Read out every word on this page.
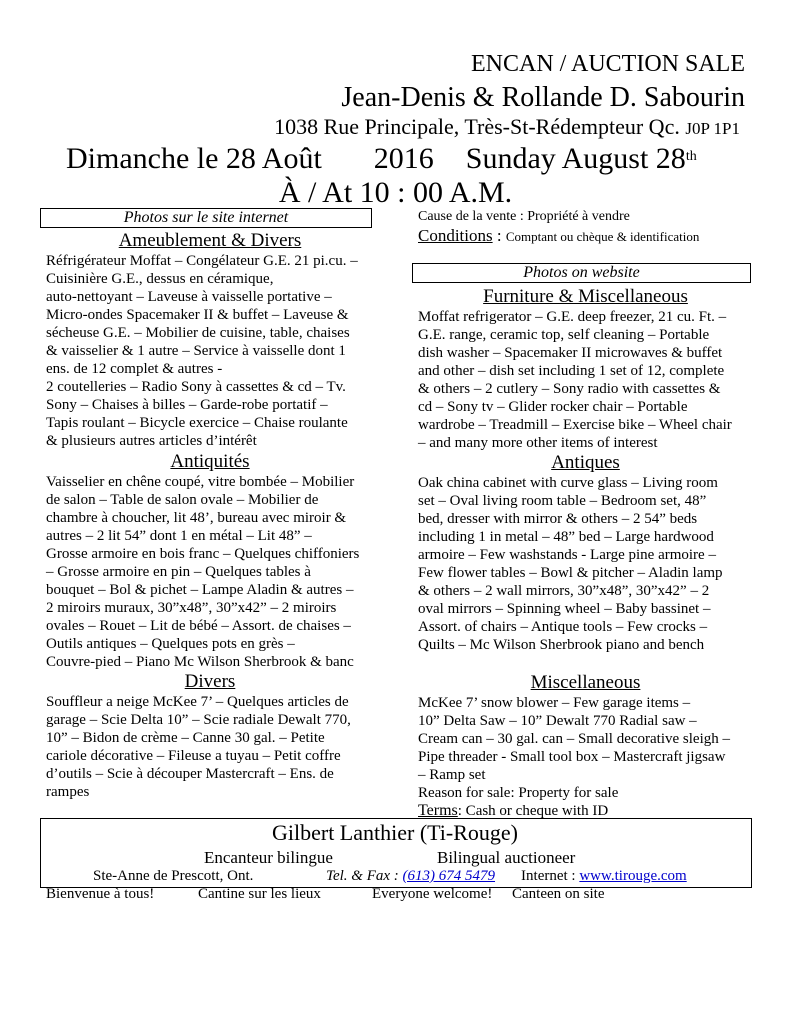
ENCAN / AUCTION SALE
Jean-Denis & Rollande D. Sabourin
1038 Rue Principale, Très-St-Rédempteur Qc. J0P 1P1
Dimanche le 28 Août 2016 Sunday August 28th
À / At 10 : 00 A.M.
Photos sur le site internet
Ameublement & Divers
Réfrigérateur Moffat – Congélateur G.E. 21 pi.cu. –
Cuisinière G.E., dessus en céramique,
auto-nettoyant – Laveuse à vaisselle portative –
Micro-ondes Spacemaker II & buffet – Laveuse &
sécheuse G.E. – Mobilier de cuisine, table, chaises
& vaisselier & 1 autre – Service à vaisselle dont 1
ens. de 12 complet & autres -
2 coutelleries – Radio Sony à cassettes & cd – Tv.
Sony – Chaises à billes – Garde-robe portatif –
Tapis roulant – Bicycle exercice – Chaise roulante
& plusieurs autres articles d’intérêt
Antiquités
Vaisselier en chêne coupé, vitre bombée – Mobilier
de salon – Table de salon ovale – Mobilier de
chambre à choucher, lit 48’, bureau avec miroir &
autres – 2 lit 54” dont 1 en métal – Lit 48” –
Grosse armoire en bois franc – Quelques chiffoniers
– Grosse armoire en pin – Quelques tables à
bouquet – Bol & pichet – Lampe Aladin & autres –
2 miroirs muraux, 30”x48”, 30”x42” – 2 miroirs
ovales – Rouet – Lit de bébé – Assort. de chaises –
Outils antiques – Quelques pots en grès –
Couvre-pied – Piano Mc Wilson Sherbrook & banc
Divers
Souffleur a neige McKee 7’ – Quelques articles de
garage – Scie Delta 10” – Scie radiale Dewalt 770,
10” – Bidon de crème – Canne 30 gal. – Petite
cariole décorative – Fileuse a tuyau – Petit coffre
d’outils – Scie à découper Mastercraft – Ens. de
rampes
Cause de la vente : Propriété à vendre
Conditions : Comptant ou chèque & identification
Photos on website
Furniture & Miscellaneous
Moffat refrigerator – G.E. deep freezer, 21 cu. Ft. –
G.E. range, ceramic top, self cleaning – Portable
dish washer – Spacemaker II microwaves & buffet
and other – dish set including 1 set of 12, complete
& others – 2 cutlery – Sony radio with cassettes &
cd – Sony tv – Glider rocker chair – Portable
wardrobe – Treadmill – Exercise bike – Wheel chair
– and many more other items of interest
Antiques
Oak china cabinet with curve glass – Living room
set – Oval living room table – Bedroom set, 48”
bed, dresser with mirror & others – 2 54” beds
including 1 in metal – 48” bed – Large hardwood
armoire – Few washstands - Large pine armoire –
Few flower tables – Bowl & pitcher – Aladin lamp
& others – 2 wall mirrors, 30”x48”, 30”x42” – 2
oval mirrors – Spinning wheel – Baby bassinet –
Assort. of chairs – Antique tools – Few crocks –
Quilts – Mc Wilson Sherbrook piano and bench
Miscellaneous
McKee 7’ snow blower – Few garage items –
10” Delta Saw – 10” Dewalt 770 Radial saw –
Cream can – 30 gal. can – Small decorative sleigh –
Pipe threader - Small tool box – Mastercraft jigsaw
– Ramp set
Reason for sale: Property for sale
Terms: Cash or cheque with ID
Gilbert Lanthier (Ti-Rouge)
Encanteur bilingue	Bilingual auctioneer
Ste-Anne de Prescott, Ont.	Tel. & Fax : (613) 674 5479 Internet : www.tirouge.com
Bienvenue à tous!	Cantine sur les lieux	Everyone welcome! Canteen on site
